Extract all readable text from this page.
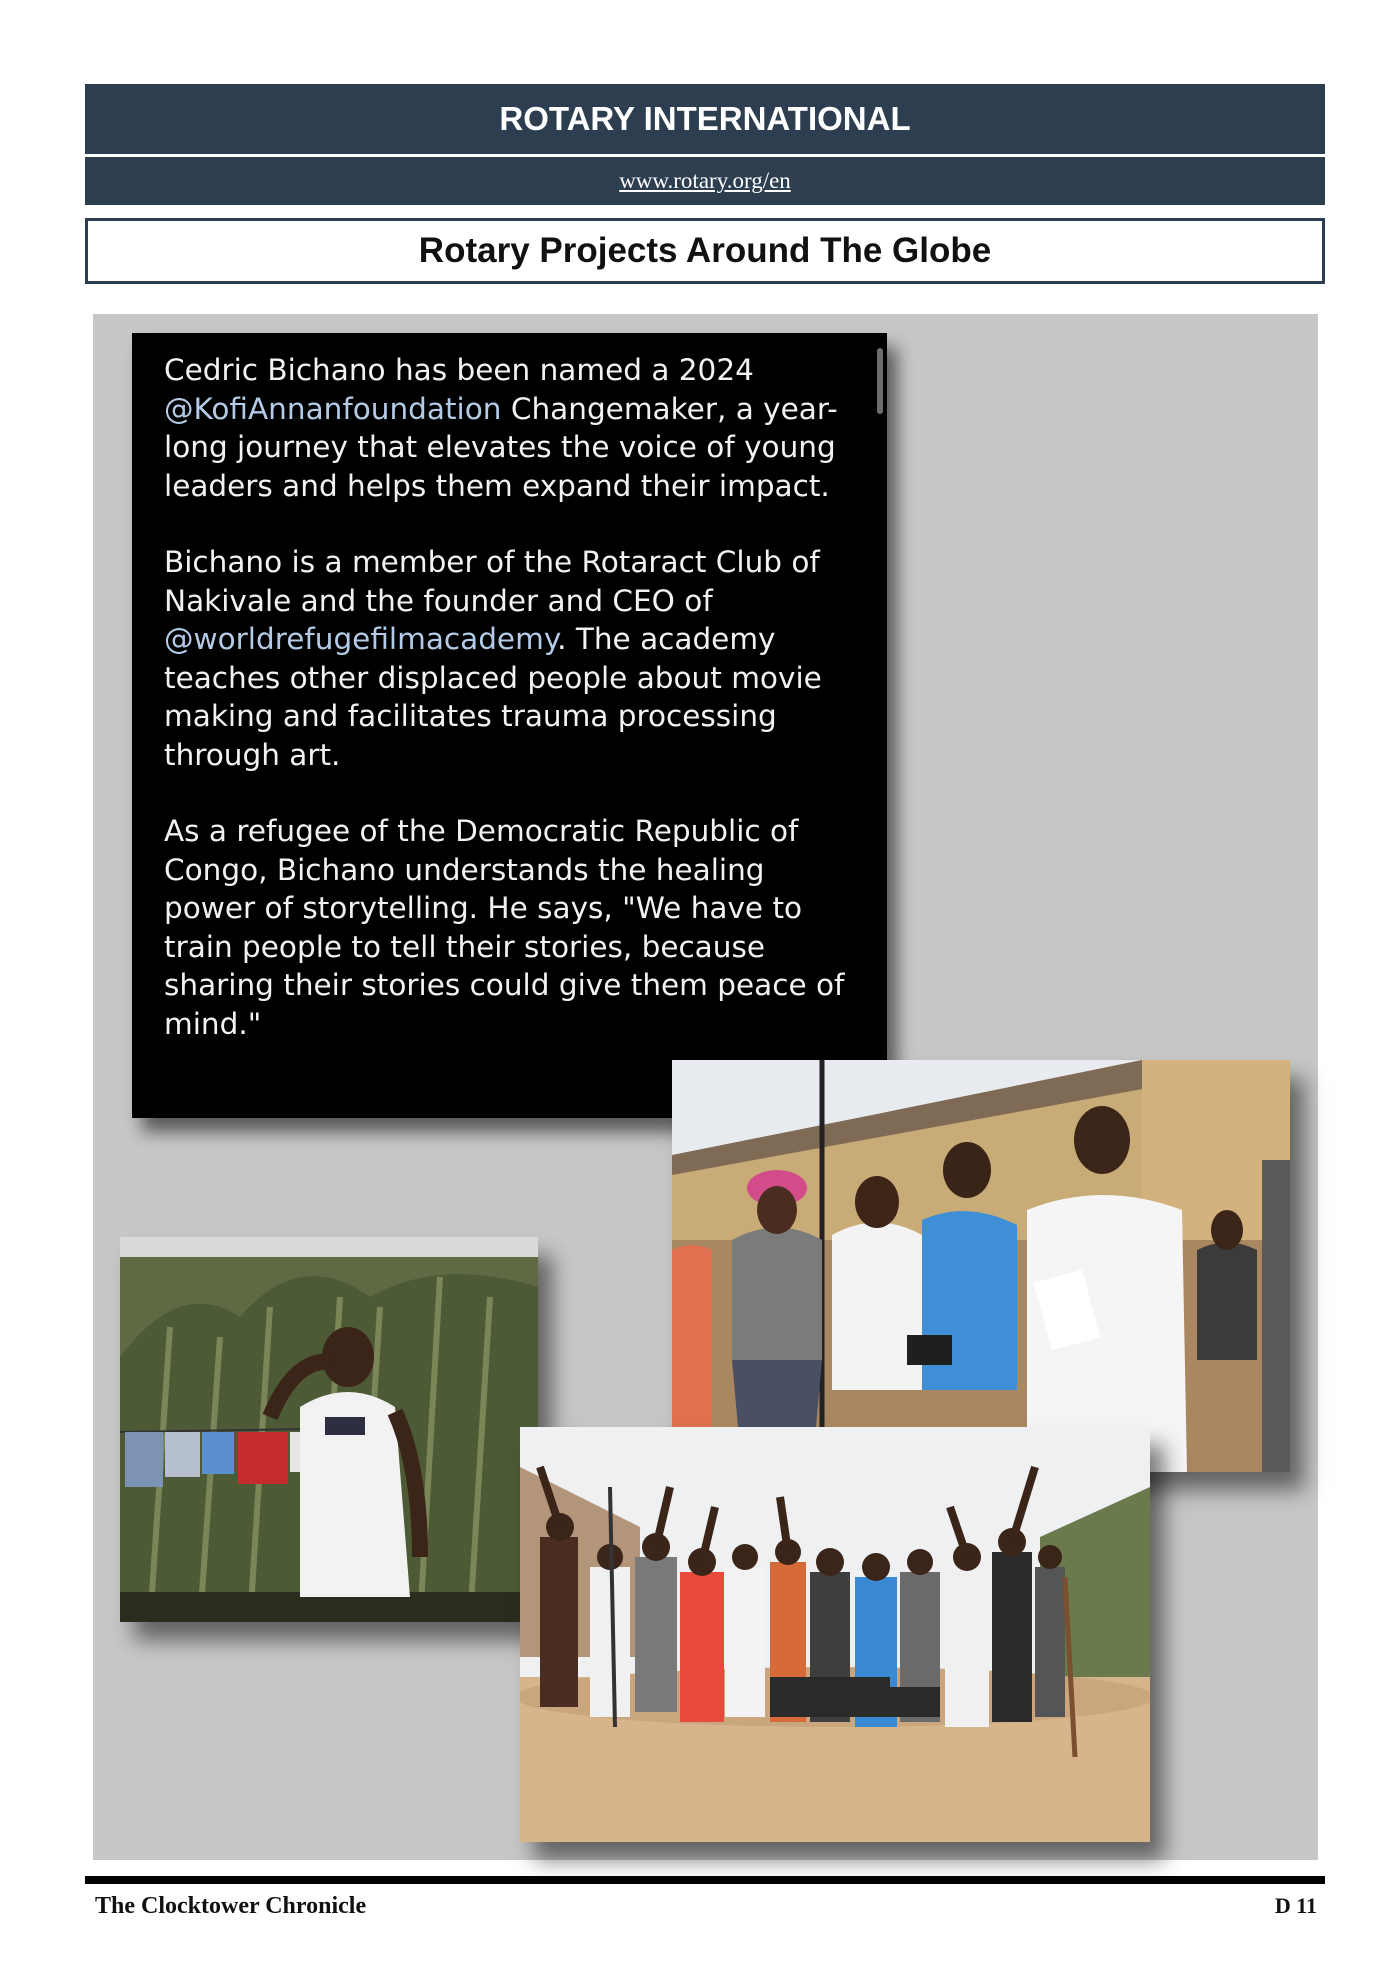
ROTARY INTERNATIONAL
www.rotary.org/en
Rotary Projects Around The Globe

Cedric Bichano has been named a 2024 @KofiAnnanfoundation Changemaker, a year-long journey that elevates the voice of young leaders and helps them expand their impact.

Bichano is a member of the Rotaract Club of Nakivale and the founder and CEO of @worldrefugefilmacademy. The academy teaches other displaced people about movie making and facilitates trauma processing through art.

As a refugee of the Democratic Republic of Congo, Bichano understands the healing power of storytelling. He says, "We have to train people to tell their stories, because sharing their stories could give them peace of mind."

The Clocktower Chronicle	D 11
